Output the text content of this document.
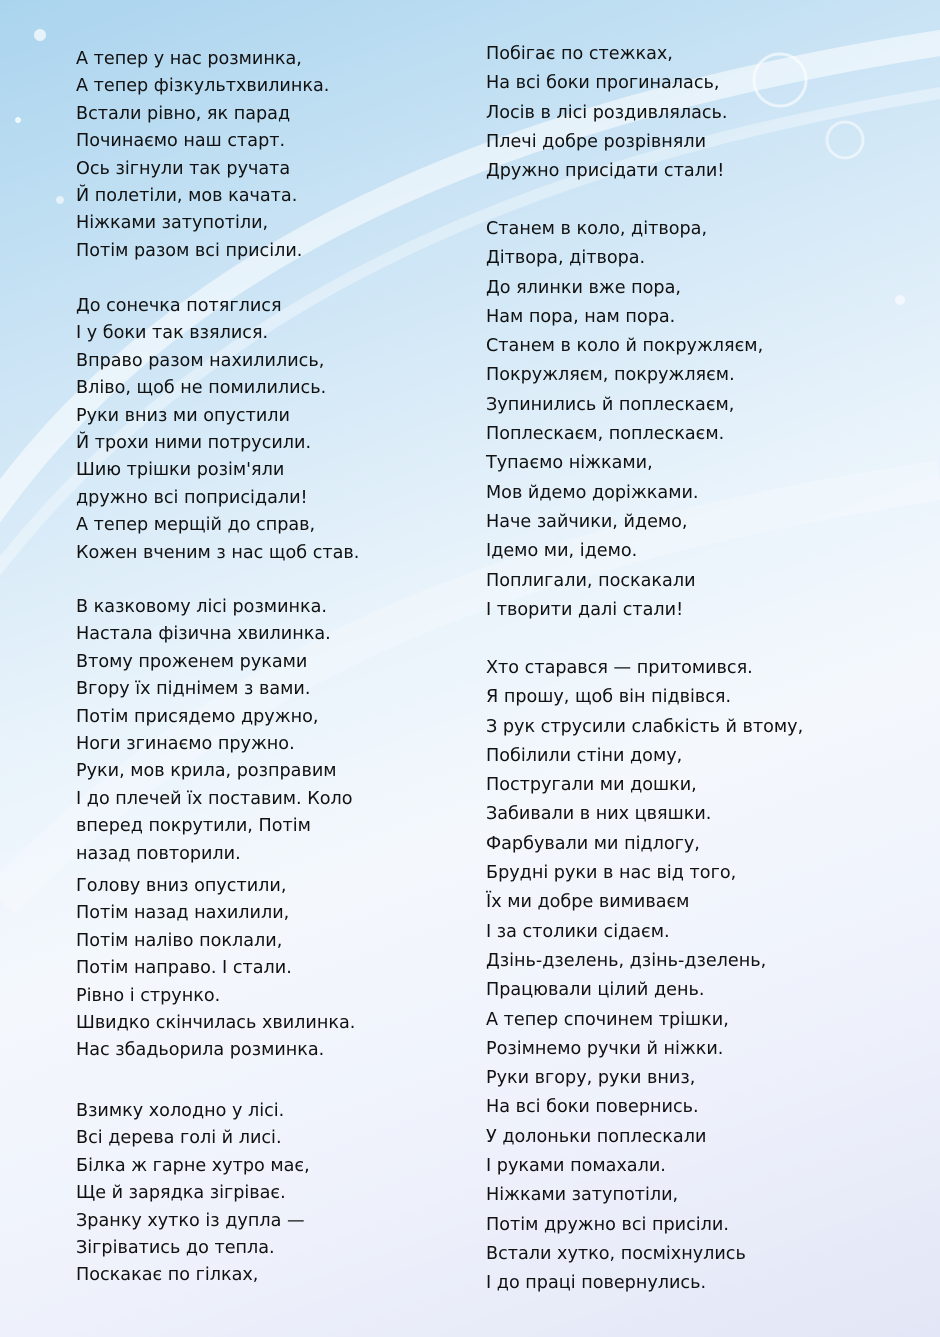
А тепер у нас розминка,
А тепер фізкультхвилинка.
Встали рівно, як парад
Починаємо наш старт.
Ось зігнули так ручата
Й полетіли, мов качата.
Ніжками затупотіли,
Потім разом всі присіли.
До сонечка потяглися
І у боки так взялися.
Вправо разом нахилились,
Вліво, щоб не помилились.
Руки вниз ми опустили
Й трохи ними потрусили.
Шию трішки розім'яли
дружно всі поприсідали!
А тепер мерщій до справ,
Кожен вченим з нас щоб став.
В казковому лісі розминка.
Настала фізична хвилинка.
Втому проженем руками
Вгору їх піднімем з вами.
Потім присядемо дружно,
Ноги згинаємо пружно.
Руки, мов крила, розправим
І до плечей їх поставим. Коло
вперед покрутили, Потім
назад повторили.
Голову вниз опустили,
Потім назад нахилили,
Потім наліво поклали,
Потім направо. І стали.
Рівно і струнко.
Швидко скінчилась хвилинка.
Нас збадьорила розминка.
Взимку холодно у лісі.
Всі дерева голі й лисі.
Білка ж гарне хутро має,
Ще й зарядка зігріває.
Зранку хутко із дупла —
Зігріватись до тепла.
Поскакає по гілках,
Побігає по стежках,
На всі боки прогиналась,
Лосів в лісі роздивлялась.
Плечі добре розрівняли
Дружно присідати стали!
Станем в коло, дітвора,
Дітвора, дітвора.
До ялинки вже пора,
Нам пора, нам пора.
Станем в коло й покружляєм,
Покружляєм, покружляєм.
Зупинились й поплескаєм,
Поплескаєм, поплескаєм.
Тупаємо ніжками,
Мов йдемо доріжками.
Наче зайчики, йдемо,
Ідемо ми, ідемо.
Поплигали, поскакали
І творити далі стали!
Хто старався — притомився.
Я прошу, щоб він підвівся.
З рук струсили слабкість й втому,
Побілили стіни дому,
Постругали ми дошки,
Забивали в них цвяшки.
Фарбували ми підлогу,
Брудні руки в нас від того,
Їх ми добре вимиваєм
І за столики сідаєм.
Дзінь-дзелень, дзінь-дзелень,
Працювали цілий день.
А тепер спочинем трішки,
Розімнемо ручки й ніжки.
Руки вгору, руки вниз,
На всі боки повернись.
У долоньки поплескали
І руками помахали.
Ніжками затупотіли,
Потім дружно всі присіли.
Встали хутко, посміхнулись
І до праці повернулись.
